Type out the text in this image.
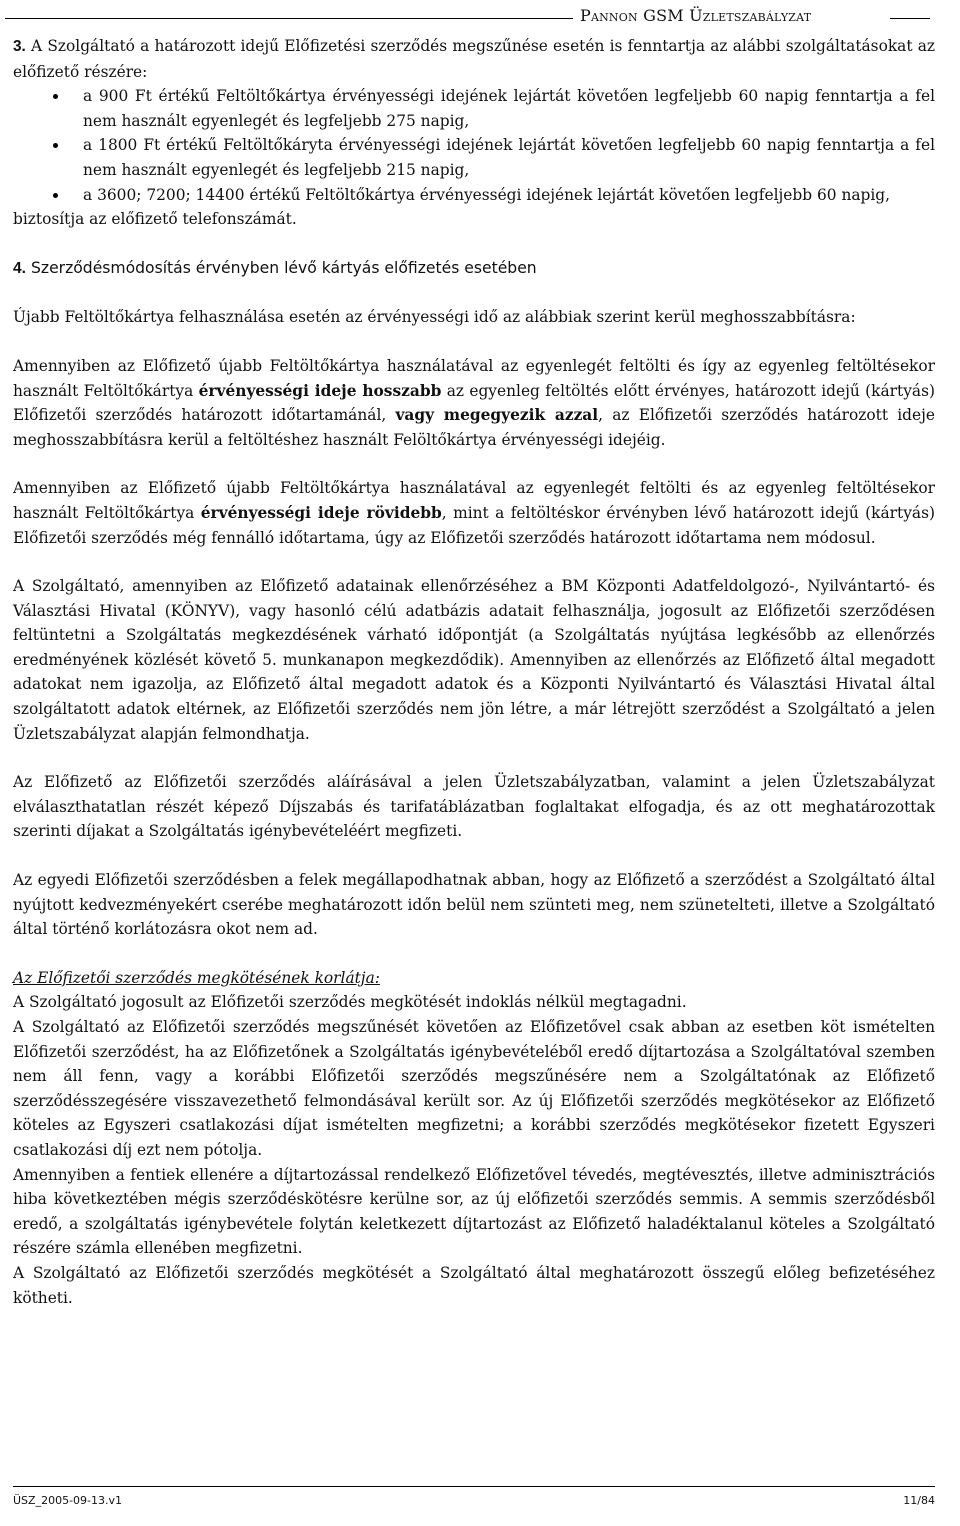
Pannon GSM Üzletszabályzat

3. A Szolgáltató a határozott idejű Előfizetési szerződés megszűnése esetén is fenntartja az alábbi szolgáltatásokat az előfizető részére:

a 900 Ft értékű Feltöltőkártya érvényességi idejének lejártát követően legfeljebb 60 napig fenntartja a fel nem használt egyenlegét és legfeljebb 275 napig,
a 1800 Ft értékű Feltöltőkáryta érvényességi idejének lejártát követően legfeljebb 60 napig fenntartja a fel nem használt egyenlegét és legfeljebb 215 napig,
a 3600; 7200; 14400 értékű Feltöltőkártya érvényességi idejének lejártát követően legfeljebb 60 napig,

biztosítja az előfizető telefonszámát.

4. Szerződésmódosítás érvényben lévő kártyás előfizetés esetében

Újabb Feltöltőkártya felhasználása esetén az érvényességi idő az alábbiak szerint kerül meghosszabbításra:

Amennyiben az Előfizető újabb Feltöltőkártya használatával az egyenlegét feltölti és így az egyenleg feltöltésekor használt Feltöltőkártya érvényességi ideje hosszabb az egyenleg feltöltés előtt érvényes, határozott idejű (kártyás) Előfizetői szerződés határozott időtartamánál, vagy megegyezik azzal, az Előfizetői szerződés határozott ideje meghosszabbításra kerül a feltöltéshez használt Felöltőkártya érvényességi idejéig.

Amennyiben az Előfizető újabb Feltöltőkártya használatával az egyenlegét feltölti és az egyenleg feltöltésekor használt Feltöltőkártya érvényességi ideje rövidebb, mint a feltöltéskor érvényben lévő határozott idejű (kártyás) Előfizetői szerződés még fennálló időtartama, úgy az Előfizetői szerződés határozott időtartama nem módosul.

A Szolgáltató, amennyiben az Előfizető adatainak ellenőrzéséhez a BM Központi Adatfeldolgozó-, Nyilvántartó- és Választási Hivatal (KÖNYV), vagy hasonló célú adatbázis adatait felhasználja, jogosult az Előfizetői szerződésen feltüntetni a Szolgáltatás megkezdésének várható időpontját (a Szolgáltatás nyújtása legkésőbb az ellenőrzés eredményének közlését követő 5. munkanapon megkezdődik). Amennyiben az ellenőrzés az Előfizető által megadott adatokat nem igazolja, az Előfizető által megadott adatok és a Központi Nyilvántartó és Választási Hivatal által szolgáltatott adatok eltérnek, az Előfizetői szerződés nem jön létre, a már létrejött szerződést a Szolgáltató a jelen Üzletszabályzat alapján felmondhatja.

Az Előfizető az Előfizetői szerződés aláírásával a jelen Üzletszabályzatban, valamint a jelen Üzletszabályzat elválaszthatatlan részét képező Díjszabás és tarifatáblázatban foglaltakat elfogadja, és az ott meghatározottak szerinti díjakat a Szolgáltatás igénybevételéért megfizeti.

Az egyedi Előfizetői szerződésben a felek megállapodhatnak abban, hogy az Előfizető a szerződést a Szolgáltató által nyújtott kedvezményekért cserébe meghatározott időn belül nem szünteti meg, nem szünetelteti, illetve a Szolgáltató által történő korlátozásra okot nem ad.

Az Előfizetői szerződés megkötésének korlátja:

A Szolgáltató jogosult az Előfizetői szerződés megkötését indoklás nélkül megtagadni.

A Szolgáltató az Előfizetői szerződés megszűnését követően az Előfizetővel csak abban az esetben köt ismételten Előfizetői szerződést, ha az Előfizetőnek a Szolgáltatás igénybevételéből eredő díjtartozása a Szolgáltatóval szemben nem áll fenn, vagy a korábbi Előfizetői szerződés megszűnésére nem a Szolgáltatónak az Előfizető szerződésszegésére visszavezethető felmondásával került sor. Az új Előfizetői szerződés megkötésekor az Előfizető köteles az Egyszeri csatlakozási díjat ismételten megfizetni; a korábbi szerződés megkötésekor fizetett Egyszeri csatlakozási díj ezt nem pótolja.

Amennyiben a fentiek ellenére a díjtartozással rendelkező Előfizetővel tévedés, megtévesztés, illetve adminisztrációs hiba következtében mégis szerződéskötésre kerülne sor, az új előfizetői szerződés semmis. A semmis szerződésből eredő, a szolgáltatás igénybevétele folytán keletkezett díjtartozást az Előfizető haladéktalanul köteles a Szolgáltató részére számla ellenében megfizetni.

A Szolgáltató az Előfizetői szerződés megkötését a Szolgáltató által meghatározott összegű előleg befizetéséhez kötheti.

ÜSZ_2005-09-13.v1	11/84
